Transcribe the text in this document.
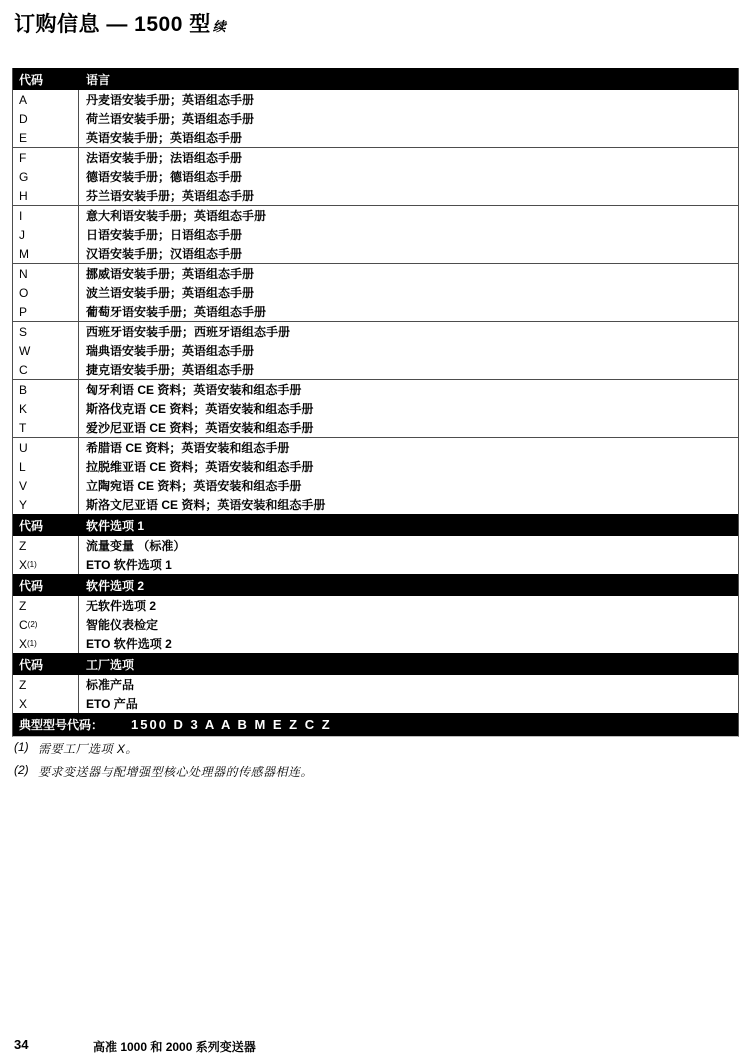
订购信息 — 1500 型 续
代码	语言
A	丹麦语安装手册；英语组态手册
D	荷兰语安装手册；英语组态手册
E	英语安装手册；英语组态手册
F	法语安装手册；法语组态手册
G	德语安装手册；德语组态手册
H	芬兰语安装手册；英语组态手册
I	意大利语安装手册；英语组态手册
J	日语安装手册；日语组态手册
M	汉语安装手册；汉语组态手册
N	挪威语安装手册；英语组态手册
O	波兰语安装手册；英语组态手册
P	葡萄牙语安装手册；英语组态手册
S	西班牙语安装手册；西班牙语组态手册
W	瑞典语安装手册；英语组态手册
C	捷克语安装手册；英语组态手册
B	匈牙利语 CE 资料；英语安装和组态手册
K	斯洛伐克语 CE 资料；英语安装和组态手册
T	爱沙尼亚语 CE 资料；英语安装和组态手册
U	希腊语 CE 资料；英语安装和组态手册
L	拉脱维亚语 CE 资料；英语安装和组态手册
V	立陶宛语 CE 资料；英语安装和组态手册
Y	斯洛文尼亚语 CE 资料；英语安装和组态手册
代码	软件选项 1
Z	流量变量 （标准）
X (1)	ETO 软件选项 1
代码	软件选项 2
Z	无软件选项 2
C (2)	智能仪表检定
X (1)	ETO 软件选项 2
代码	工厂选项
Z	标准产品
X	ETO 产品
典型型号代码： 1500 D 3 A A B M E Z C Z
(1) 需要工厂选项 X。
(2) 要求变送器与配增强型核心处理器的传感器相连。
34	高准 1000 和 2000 系列变送器
